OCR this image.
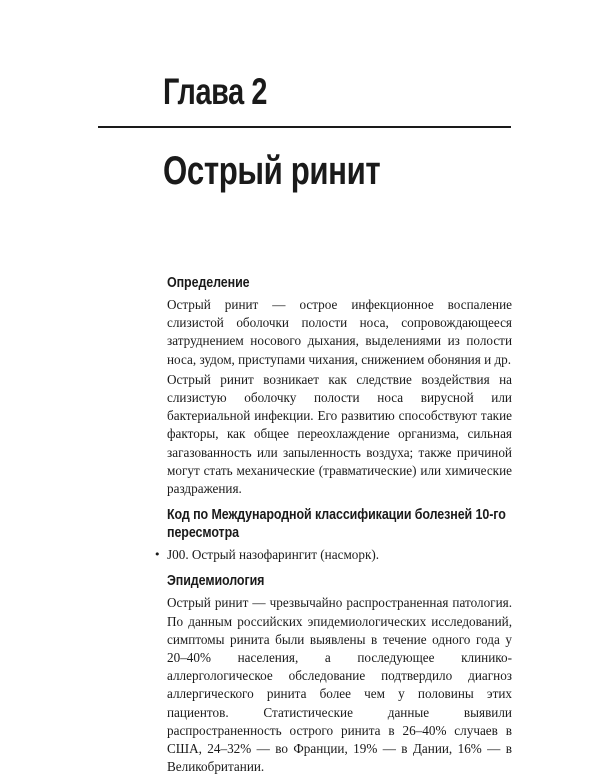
Глава 2
Острый ринит
Определение

Острый ринит — острое инфекционное воспаление слизистой оболочки полости носа, сопровождающееся затруднением носового дыхания, выделениями из полости носа, зудом, приступами чихания, снижением обоняния и др.

Острый ринит возникает как следствие воздействия на слизистую оболочку полости носа вирусной или бактериальной инфекции. Его развитию способствуют такие факторы, как общее переохлаждение организма, сильная загазованность или запыленность воздуха; также причиной могут стать механические (травматические) или химические раздражения.

Код по Международной классификации болезней 10-го пересмотра
• J00. Острый назофарингит (насморк).
Эпидемиология

Острый ринит — чрезвычайно распространенная патология. По данным российских эпидемиологических исследований, симптомы ринита были выявлены в течение одного года у 20–40% населения, а последующее клинико-аллергологическое обследование подтвердило диагноз аллергического ринита более чем у половины этих пациентов. Статистические данные выявили распространенность острого ринита в 26–40% случаев в США, 24–32% — во Франции, 19% — в Дании, 16% — в Великобритании.
